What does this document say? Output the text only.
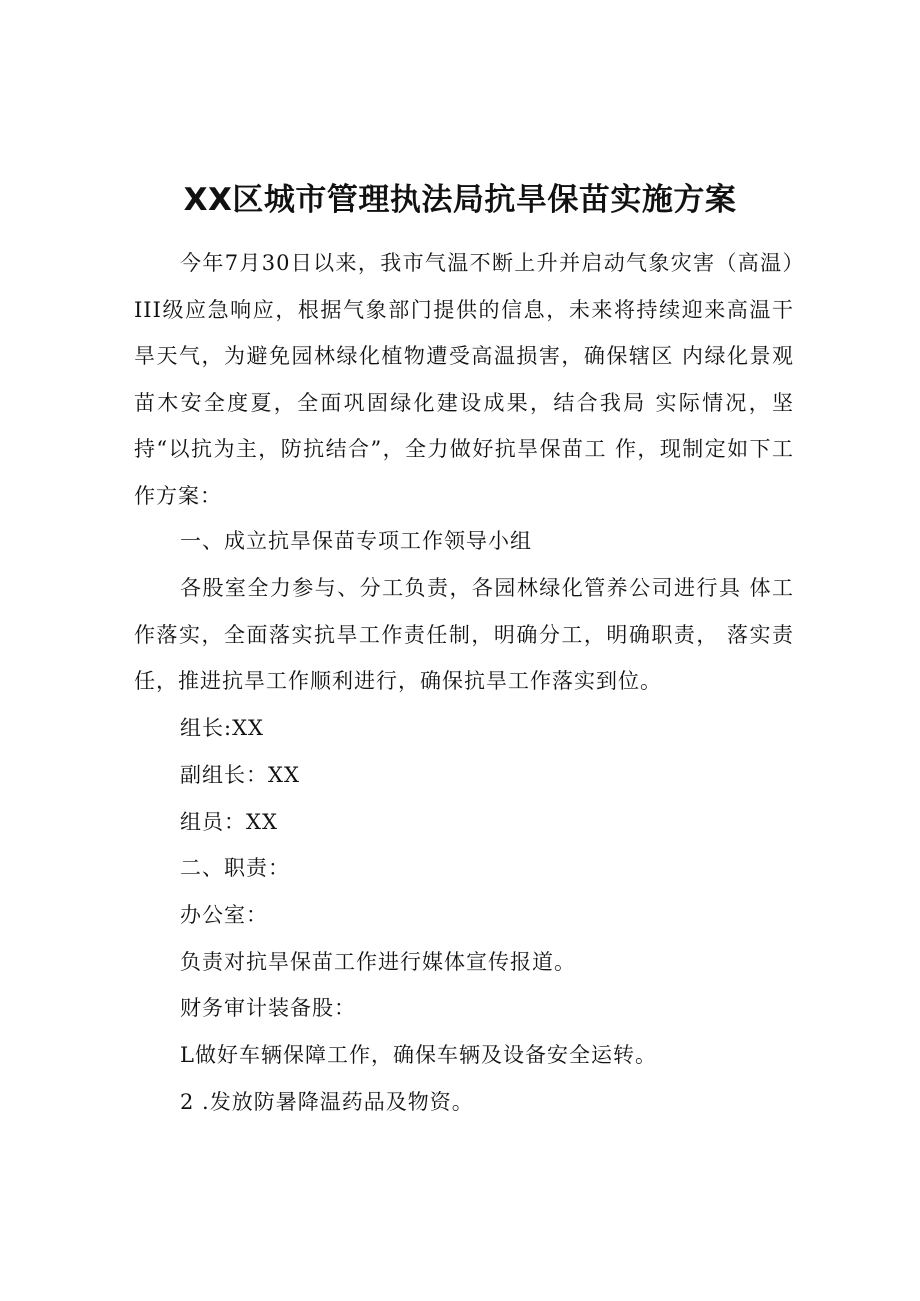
XX区城市管理执法局抗旱保苗实施方案

今年7月30日以来，我市气温不断上升并启动气象灾害（高温）III级应急响应，根据气象部门提供的信息，未来将持续迎来高温干旱天气，为避免园林绿化植物遭受高温损害，确保辖区 内绿化景观苗木安全度夏，全面巩固绿化建设成果，结合我局 实际情况，坚持“以抗为主，防抗结合”，全力做好抗旱保苗工 作，现制定如下工作方案：

一、成立抗旱保苗专项工作领导小组

各股室全力参与、分工负责，各园林绿化管养公司进行具 体工作落实，全面落实抗旱工作责任制，明确分工，明确职责， 落实责任，推进抗旱工作顺利进行，确保抗旱工作落实到位。

组长:XX

副组长：XX

组员：XX

二、职责：

办公室：

负责对抗旱保苗工作进行媒体宣传报道。

财务审计装备股：

L做好车辆保障工作，确保车辆及设备安全运转。

2 .发放防暑降温药品及物资。
